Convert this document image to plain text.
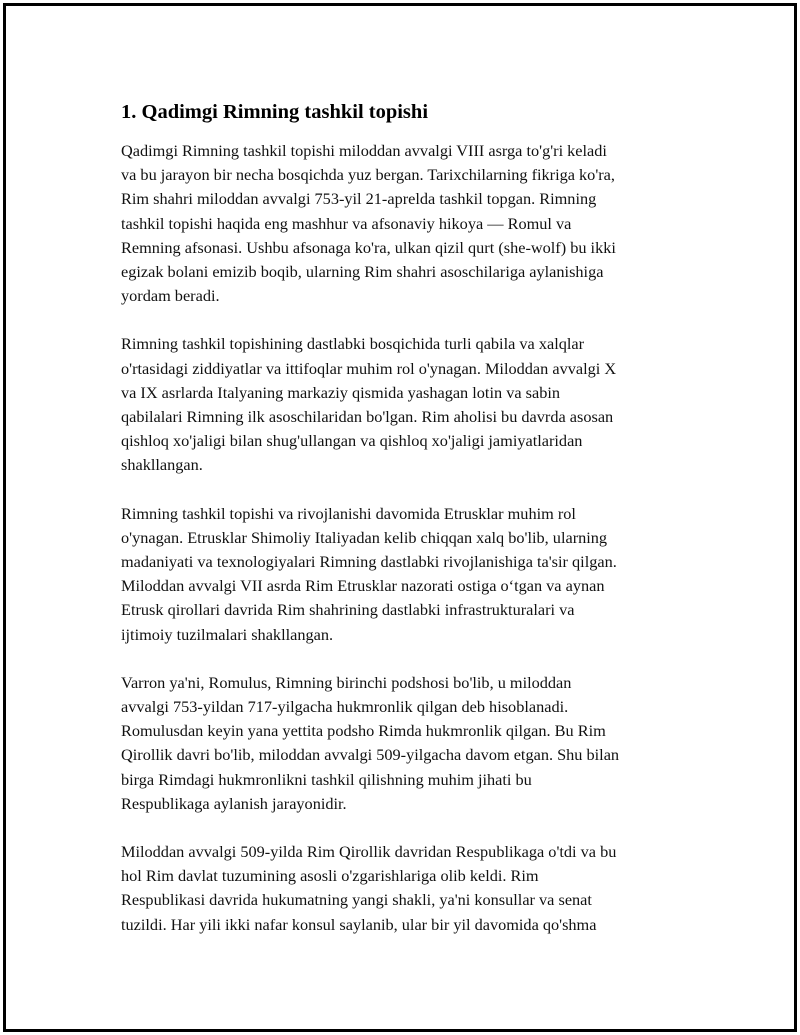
1. Qadimgi Rimning tashkil topishi

Qadimgi Rimning tashkil topishi miloddan avvalgi VIII asrga to'g'ri keladi
va bu jarayon bir necha bosqichda yuz bergan. Tarixchilarning fikriga ko'ra,
Rim shahri miloddan avvalgi 753-yil 21-aprelda tashkil topgan. Rimning
tashkil topishi haqida eng mashhur va afsonaviy hikoya — Romul va
Remning afsonasi. Ushbu afsonaga ko'ra, ulkan qizil qurt (she-wolf) bu ikki
egizak bolani emizib boqib, ularning Rim shahri asoschilariga aylanishiga
yordam beradi.

Rimning tashkil topishining dastlabki bosqichida turli qabila va xalqlar
o'rtasidagi ziddiyatlar va ittifoqlar muhim rol o'ynagan. Miloddan avvalgi X
va IX asrlarda Italyaning markaziy qismida yashagan lotin va sabin
qabilalari Rimning ilk asoschilaridan bo'lgan. Rim aholisi bu davrda asosan
qishloq xo'jaligi bilan shug'ullangan va qishloq xo'jaligi jamiyatlaridan
shakllangan.

Rimning tashkil topishi va rivojlanishi davomida Etrusklar muhim rol
o'ynagan. Etrusklar Shimoliy Italiyadan kelib chiqqan xalq bo'lib, ularning
madaniyati va texnologiyalari Rimning dastlabki rivojlanishiga ta'sir qilgan.
Miloddan avvalgi VII asrda Rim Etrusklar nazorati ostiga o‘tgan va aynan
Etrusk qirollari davrida Rim shahrining dastlabki infrastrukturalari va
ijtimoiy tuzilmalari shakllangan.

Varron ya'ni, Romulus, Rimning birinchi podshosi bo'lib, u miloddan
avvalgi 753-yildan 717-yilgacha hukmronlik qilgan deb hisoblanadi.
Romulusdan keyin yana yettita podsho Rimda hukmronlik qilgan. Bu Rim
Qirollik davri bo'lib, miloddan avvalgi 509-yilgacha davom etgan. Shu bilan
birga Rimdagi hukmronlikni tashkil qilishning muhim jihati bu
Respublikaga aylanish jarayonidir.

Miloddan avvalgi 509-yilda Rim Qirollik davridan Respublikaga o'tdi va bu
hol Rim davlat tuzumining asosli o'zgarishlariga olib keldi. Rim
Respublikasi davrida hukumatning yangi shakli, ya'ni konsullar va senat
tuzildi. Har yili ikki nafar konsul saylanib, ular bir yil davomida qo'shma
